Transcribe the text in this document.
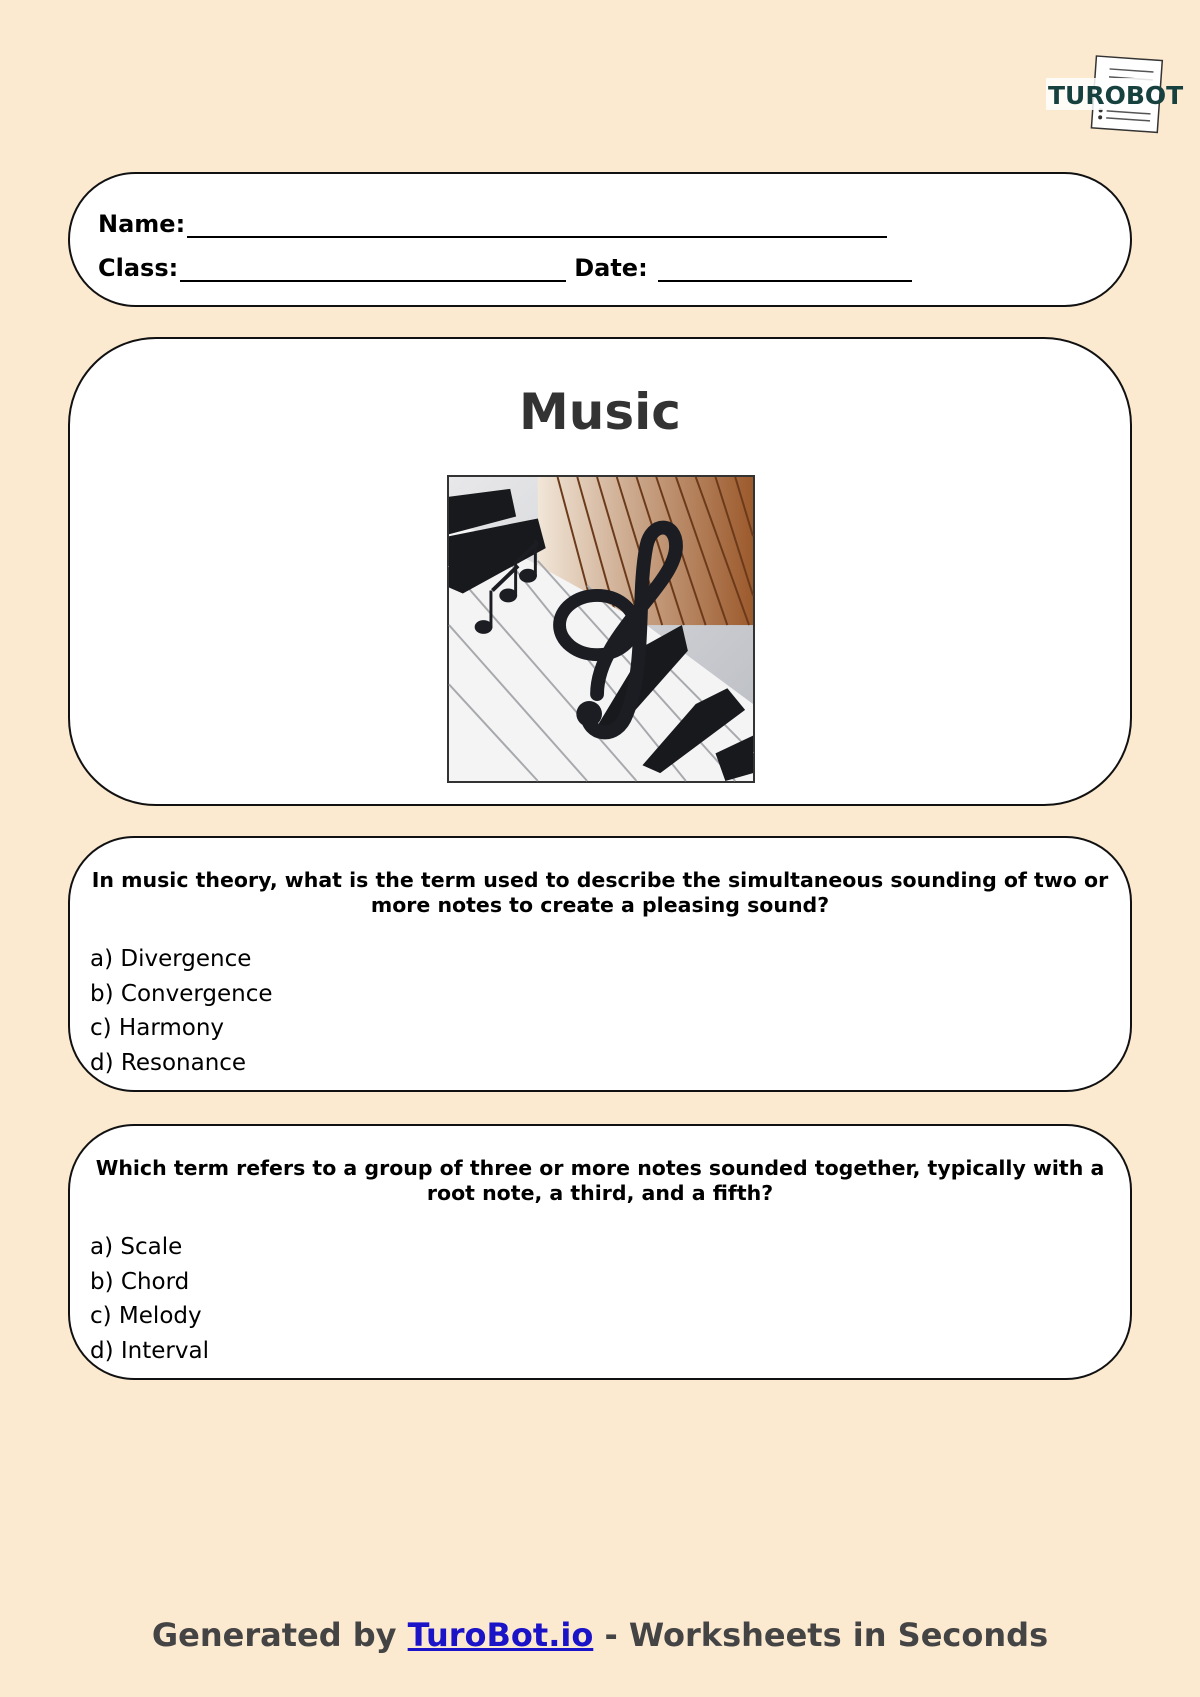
TUROBOT
Name:
Class:	Date:
Music
In music theory, what is the term used to describe the simultaneous sounding of two or more notes to create a pleasing sound?
a) Divergence
b) Convergence
c) Harmony
d) Resonance
Which term refers to a group of three or more notes sounded together, typically with a root note, a third, and a fifth?
a) Scale
b) Chord
c) Melody
d) Interval
Generated by TuroBot.io - Worksheets in Seconds
